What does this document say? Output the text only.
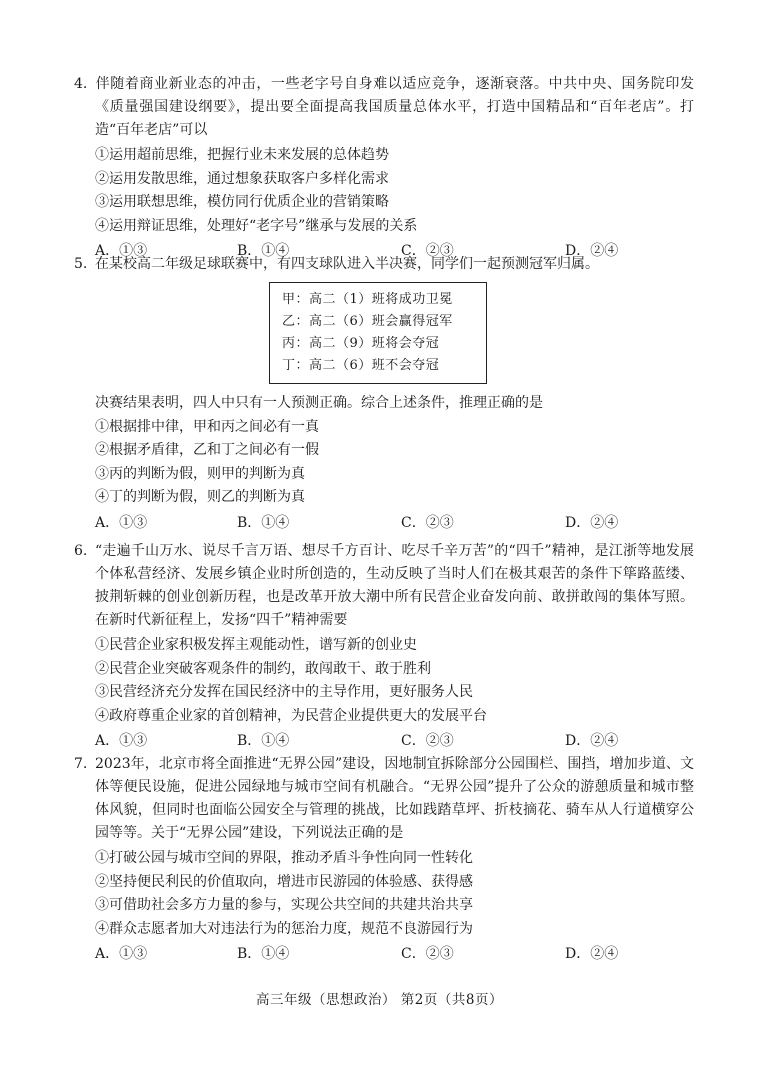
4. 伴随着商业新业态的冲击，一些老字号自身难以适应竞争，逐渐衰落。中共中央、国务院印发《质量强国建设纲要》，提出要全面提高我国质量总体水平，打造中国精品和“百年老店”。打造“百年老店”可以

①运用超前思维，把握行业未来发展的总体趋势

②运用发散思维，通过想象获取客户多样化需求

③运用联想思维，模仿同行优质企业的营销策略

④运用辩证思维，处理好“老字号”继承与发展的关系

A．①③	B．①④	C．②③	D．②④

5. 在某校高二年级足球联赛中，有四支球队进入半决赛，同学们一起预测冠军归属。

甲：高二（1）班将成功卫冕
乙：高二（6）班会赢得冠军
丙：高二（9）班将会夺冠
丁：高二（6）班不会夺冠

决赛结果表明，四人中只有一人预测正确。综合上述条件，推理正确的是

①根据排中律，甲和丙之间必有一真

②根据矛盾律，乙和丁之间必有一假

③丙的判断为假，则甲的判断为真

④丁的判断为假，则乙的判断为真

A．①③	B．①④	C．②③	D．②④

6. “走遍千山万水、说尽千言万语、想尽千方百计、吃尽千辛万苦”的“四千”精神，是江浙等地发展个体私营经济、发展乡镇企业时所创造的，生动反映了当时人们在极其艰苦的条件下筚路蓝缕、披荆斩棘的创业创新历程，也是改革开放大潮中所有民营企业奋发向前、敢拼敢闯的集体写照。在新时代新征程上，发扬“四千”精神需要

①民营企业家积极发挥主观能动性，谱写新的创业史

②民营企业突破客观条件的制约，敢闯敢干、敢于胜利

③民营经济充分发挥在国民经济中的主导作用，更好服务人民

④政府尊重企业家的首创精神，为民营企业提供更大的发展平台

A．①③	B．①④	C．②③	D．②④

7. 2023年，北京市将全面推进“无界公园”建设，因地制宜拆除部分公园围栏、围挡，增加步道、文体等便民设施，促进公园绿地与城市空间有机融合。“无界公园”提升了公众的游憩质量和城市整体风貌，但同时也面临公园安全与管理的挑战，比如践踏草坪、折枝摘花、骑车从人行道横穿公园等等。关于“无界公园”建设，下列说法正确的是

①打破公园与城市空间的界限，推动矛盾斗争性向同一性转化

②坚持便民利民的价值取向，增进市民游园的体验感、获得感

③可借助社会多方力量的参与，实现公共空间的共建共治共享

④群众志愿者加大对违法行为的惩治力度，规范不良游园行为

A．①③	B．①④	C．②③	D．②④
高三年级（思想政治） 第2页（共8页）
